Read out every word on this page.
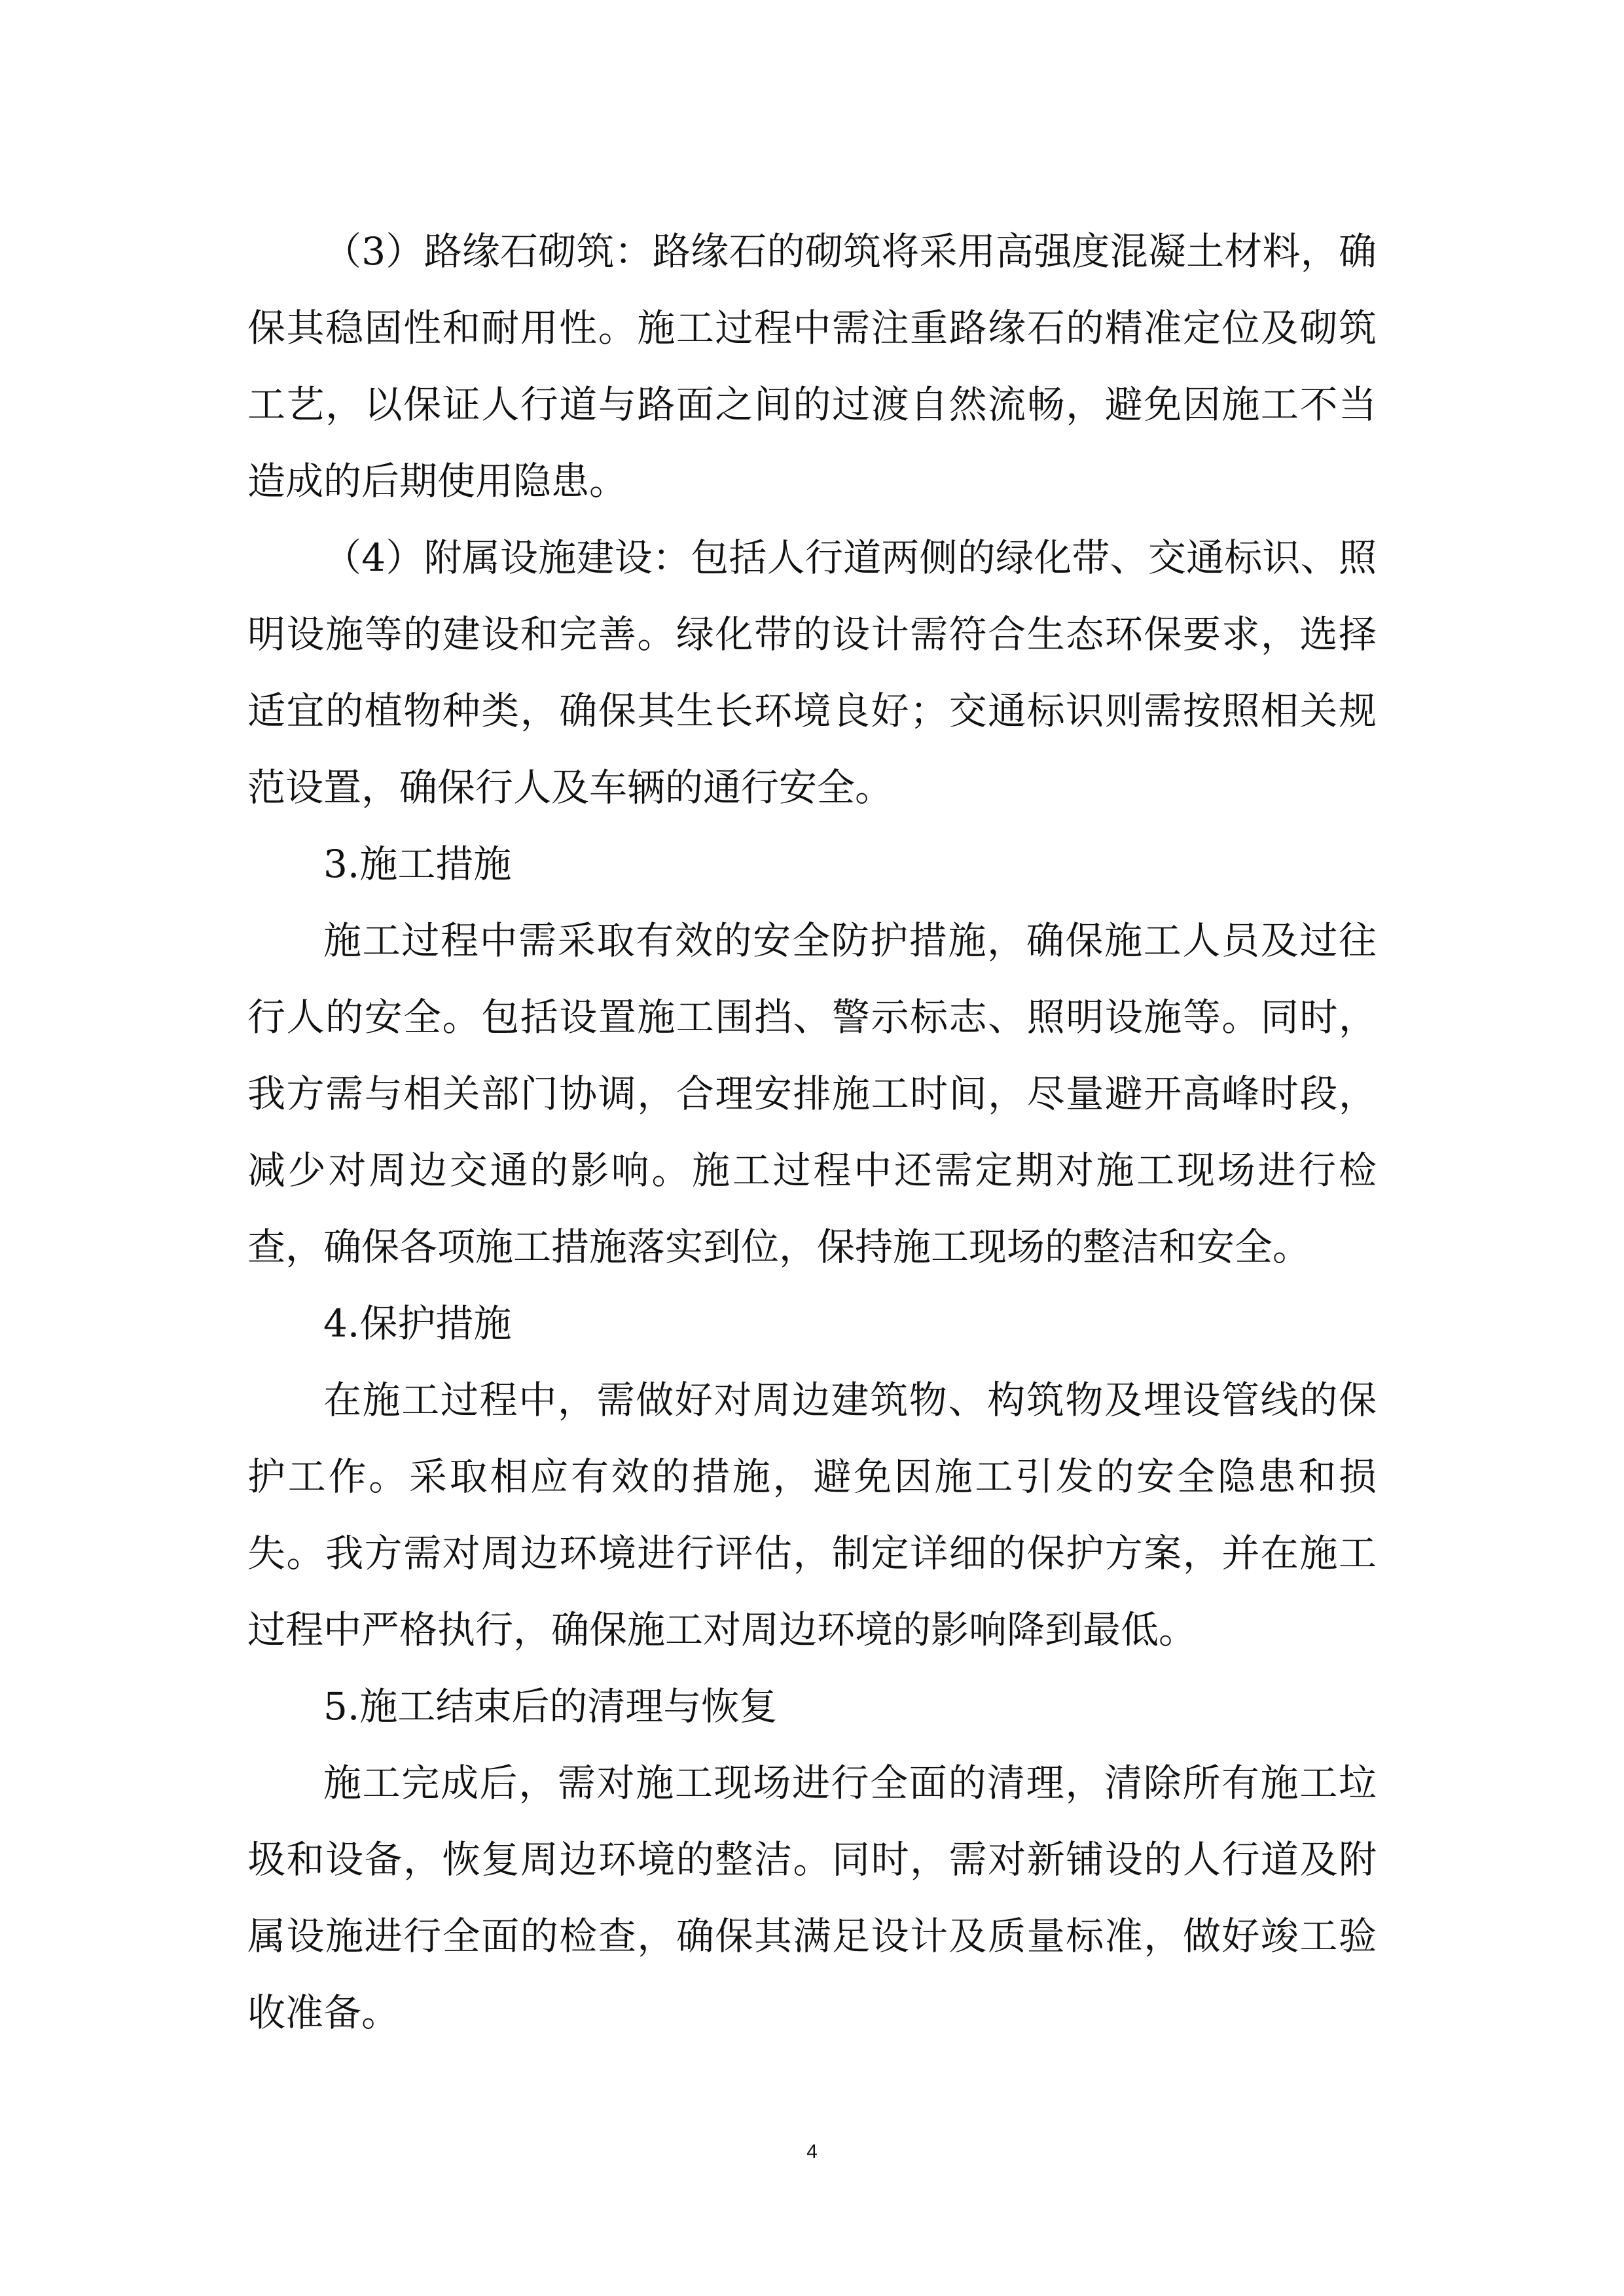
（3）路缘石砌筑：路缘石的砌筑将采用高强度混凝土材料，确保其稳固性和耐用性。施工过程中需注重路缘石的精准定位及砌筑工艺，以保证人行道与路面之间的过渡自然流畅，避免因施工不当造成的后期使用隐患。

（4）附属设施建设：包括人行道两侧的绿化带、交通标识、照明设施等的建设和完善。绿化带的设计需符合生态环保要求，选择适宜的植物种类，确保其生长环境良好；交通标识则需按照相关规范设置，确保行人及车辆的通行安全。

3.施工措施

施工过程中需采取有效的安全防护措施，确保施工人员及过往行人的安全。包括设置施工围挡、警示标志、照明设施等。同时，我方需与相关部门协调，合理安排施工时间，尽量避开高峰时段，减少对周边交通的影响。施工过程中还需定期对施工现场进行检查，确保各项施工措施落实到位，保持施工现场的整洁和安全。

4.保护措施

在施工过程中，需做好对周边建筑物、构筑物及埋设管线的保护工作。采取相应有效的措施，避免因施工引发的安全隐患和损失。我方需对周边环境进行评估，制定详细的保护方案，并在施工过程中严格执行，确保施工对周边环境的影响降到最低。

5.施工结束后的清理与恢复

施工完成后，需对施工现场进行全面的清理，清除所有施工垃圾和设备，恢复周边环境的整洁。同时，需对新铺设的人行道及附属设施进行全面的检查，确保其满足设计及质量标准，做好竣工验收准备。

4
